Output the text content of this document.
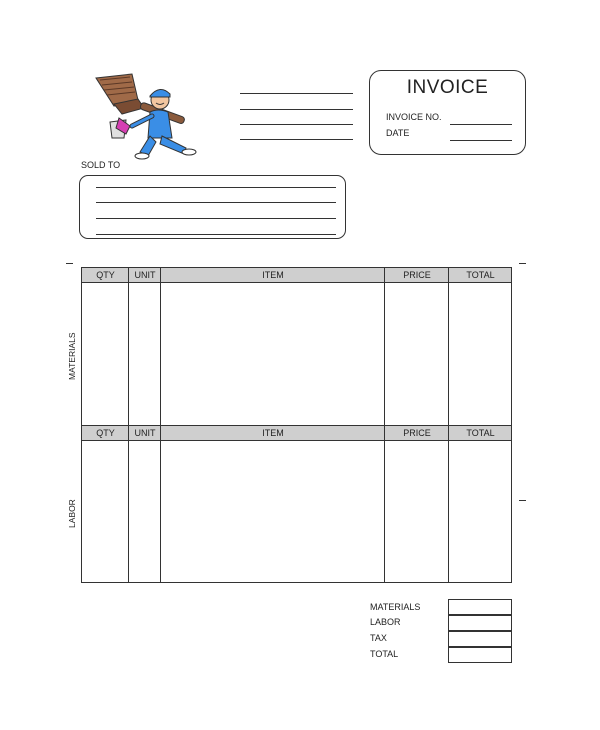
INVOICE
INVOICE NO.
DATE
SOLD TO
QTY	UNIT	ITEM	PRICE	TOTAL
MATERIALS
QTY	UNIT	ITEM	PRICE	TOTAL
LABOR
MATERIALS
LABOR
TAX
TOTAL
